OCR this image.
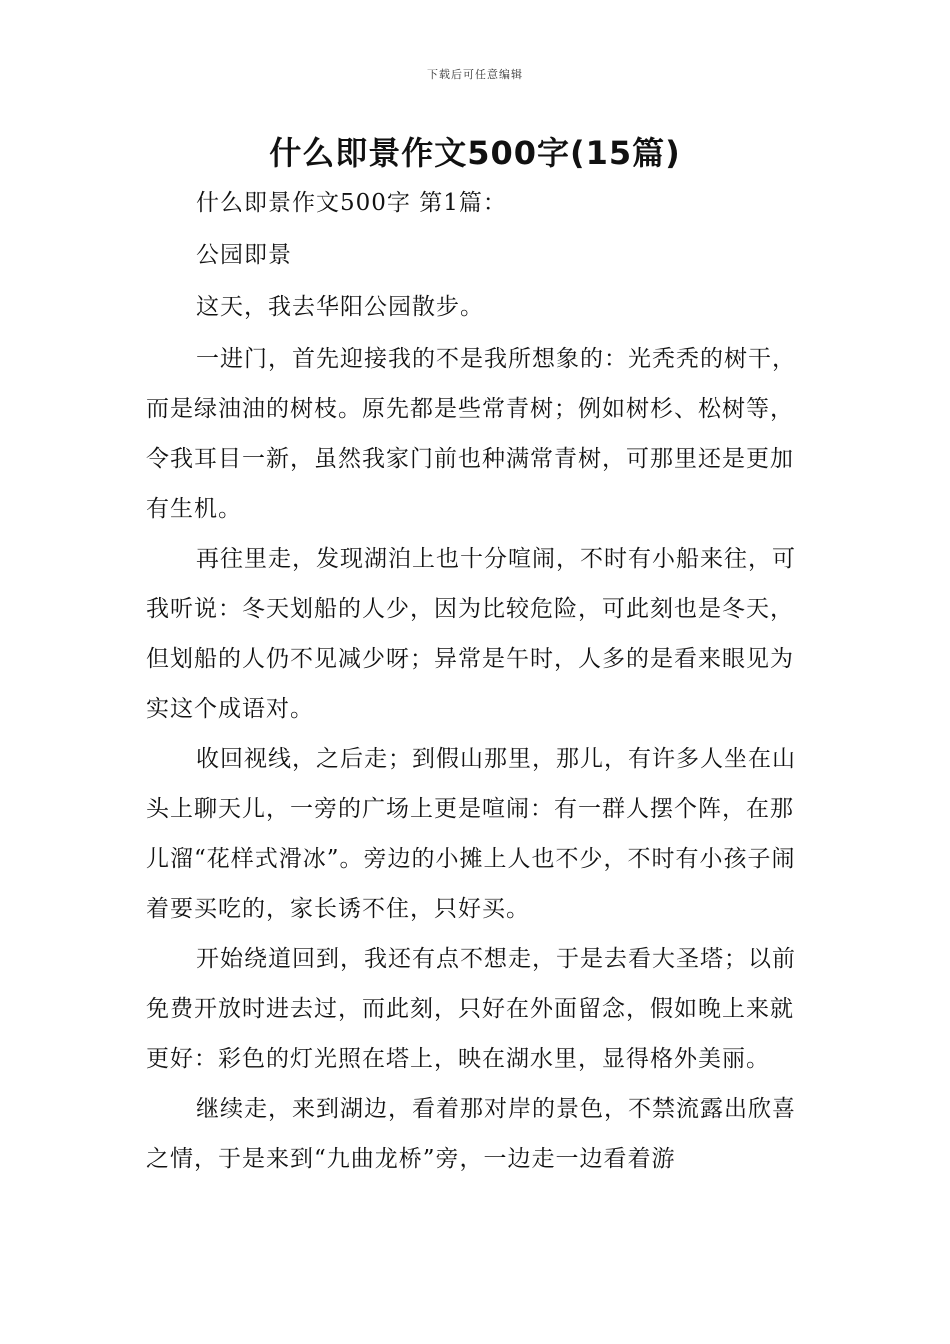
下载后可任意编辑
什么即景作文500字(15篇)

什么即景作文500字 第1篇：

公园即景

这天，我去华阳公园散步。

一进门，首先迎接我的不是我所想象的：光秃秃的树干，而是绿油油的树枝。原先都是些常青树；例如树杉、松树等，令我耳目一新，虽然我家门前也种满常青树，可那里还是更加有生机。

再往里走，发现湖泊上也十分喧闹，不时有小船来往，可我听说：冬天划船的人少，因为比较危险，可此刻也是冬天，但划船的人仍不见减少呀；异常是午时，人多的是看来眼见为实这个成语对。

收回视线，之后走；到假山那里，那儿，有许多人坐在山头上聊天儿，一旁的广场上更是喧闹：有一群人摆个阵，在那儿溜“花样式滑冰”。旁边的小摊上人也不少，不时有小孩子闹着要买吃的，家长诱不住，只好买。

开始绕道回到，我还有点不想走，于是去看大圣塔；以前免费开放时进去过，而此刻，只好在外面留念，假如晚上来就更好：彩色的灯光照在塔上，映在湖水里，显得格外美丽。

继续走，来到湖边，看着那对岸的景色，不禁流露出欣喜之情，于是来到“九曲龙桥”旁，一边走一边看着游
